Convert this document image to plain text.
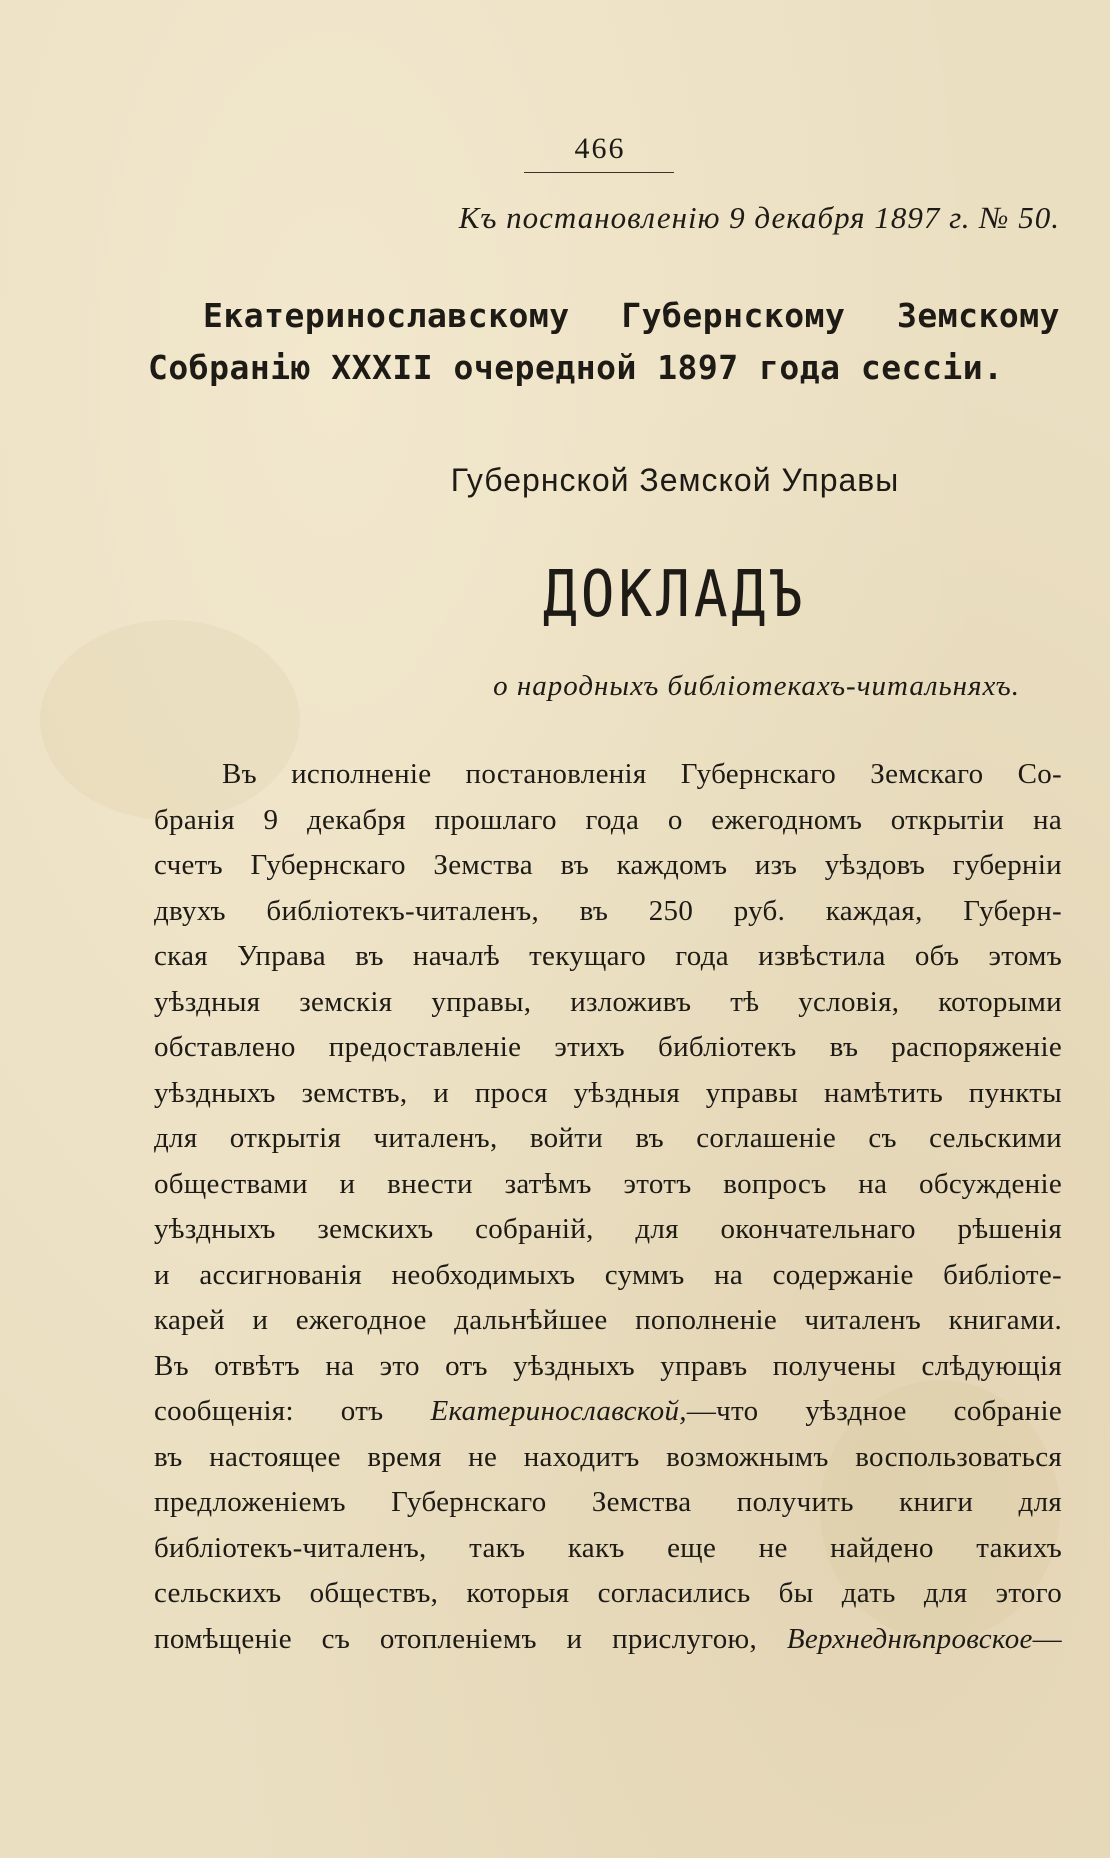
466
Къ постановленію 9 декабря 1897 г. № 50.
Екатеринославскому Губернскому Земскому
Собранію XXXII очередной 1897 года сессіи.
Губернской Земской Управы
ДОКЛАДЪ
о народныхъ библіотекахъ-читальняхъ.
Въ исполненіе постановленія Губернскаго Земскаго Со-
бранія 9 декабря прошлаго года о ежегодномъ открытіи на
счетъ Губернскаго Земства въ каждомъ изъ уѣздовъ губерніи
двухъ библіотекъ-читаленъ, въ 250 руб. каждая, Губерн-
ская Управа въ началѣ текущаго года извѣстила объ этомъ
уѣздныя земскія управы, изложивъ тѣ условія, которыми
обставлено предоставленіе этихъ библіотекъ въ распоряженіе
уѣздныхъ земствъ, и прося уѣздныя управы намѣтить пункты
для открытія читаленъ, войти въ соглашеніе съ сельскими
обществами и внести затѣмъ этотъ вопросъ на обсужденіе
уѣздныхъ земскихъ собраній, для окончательнаго рѣшенія
и ассигнованія необходимыхъ суммъ на содержаніе библіоте-
карей и ежегодное дальнѣйшее пополненіе читаленъ книгами.
Въ отвѣтъ на это отъ уѣздныхъ управъ получены слѣдующія
сообщенія: отъ Екатеринославской,—что уѣздное собраніе
въ настоящее время не находитъ возможнымъ воспользоваться
предложеніемъ Губернскаго Земства получить книги для
библіотекъ-читаленъ, такъ какъ еще не найдено такихъ
сельскихъ обществъ, которыя согласились бы дать для этого
помѣщеніе съ отопленіемъ и прислугою, Верхнеднѣпровское—
